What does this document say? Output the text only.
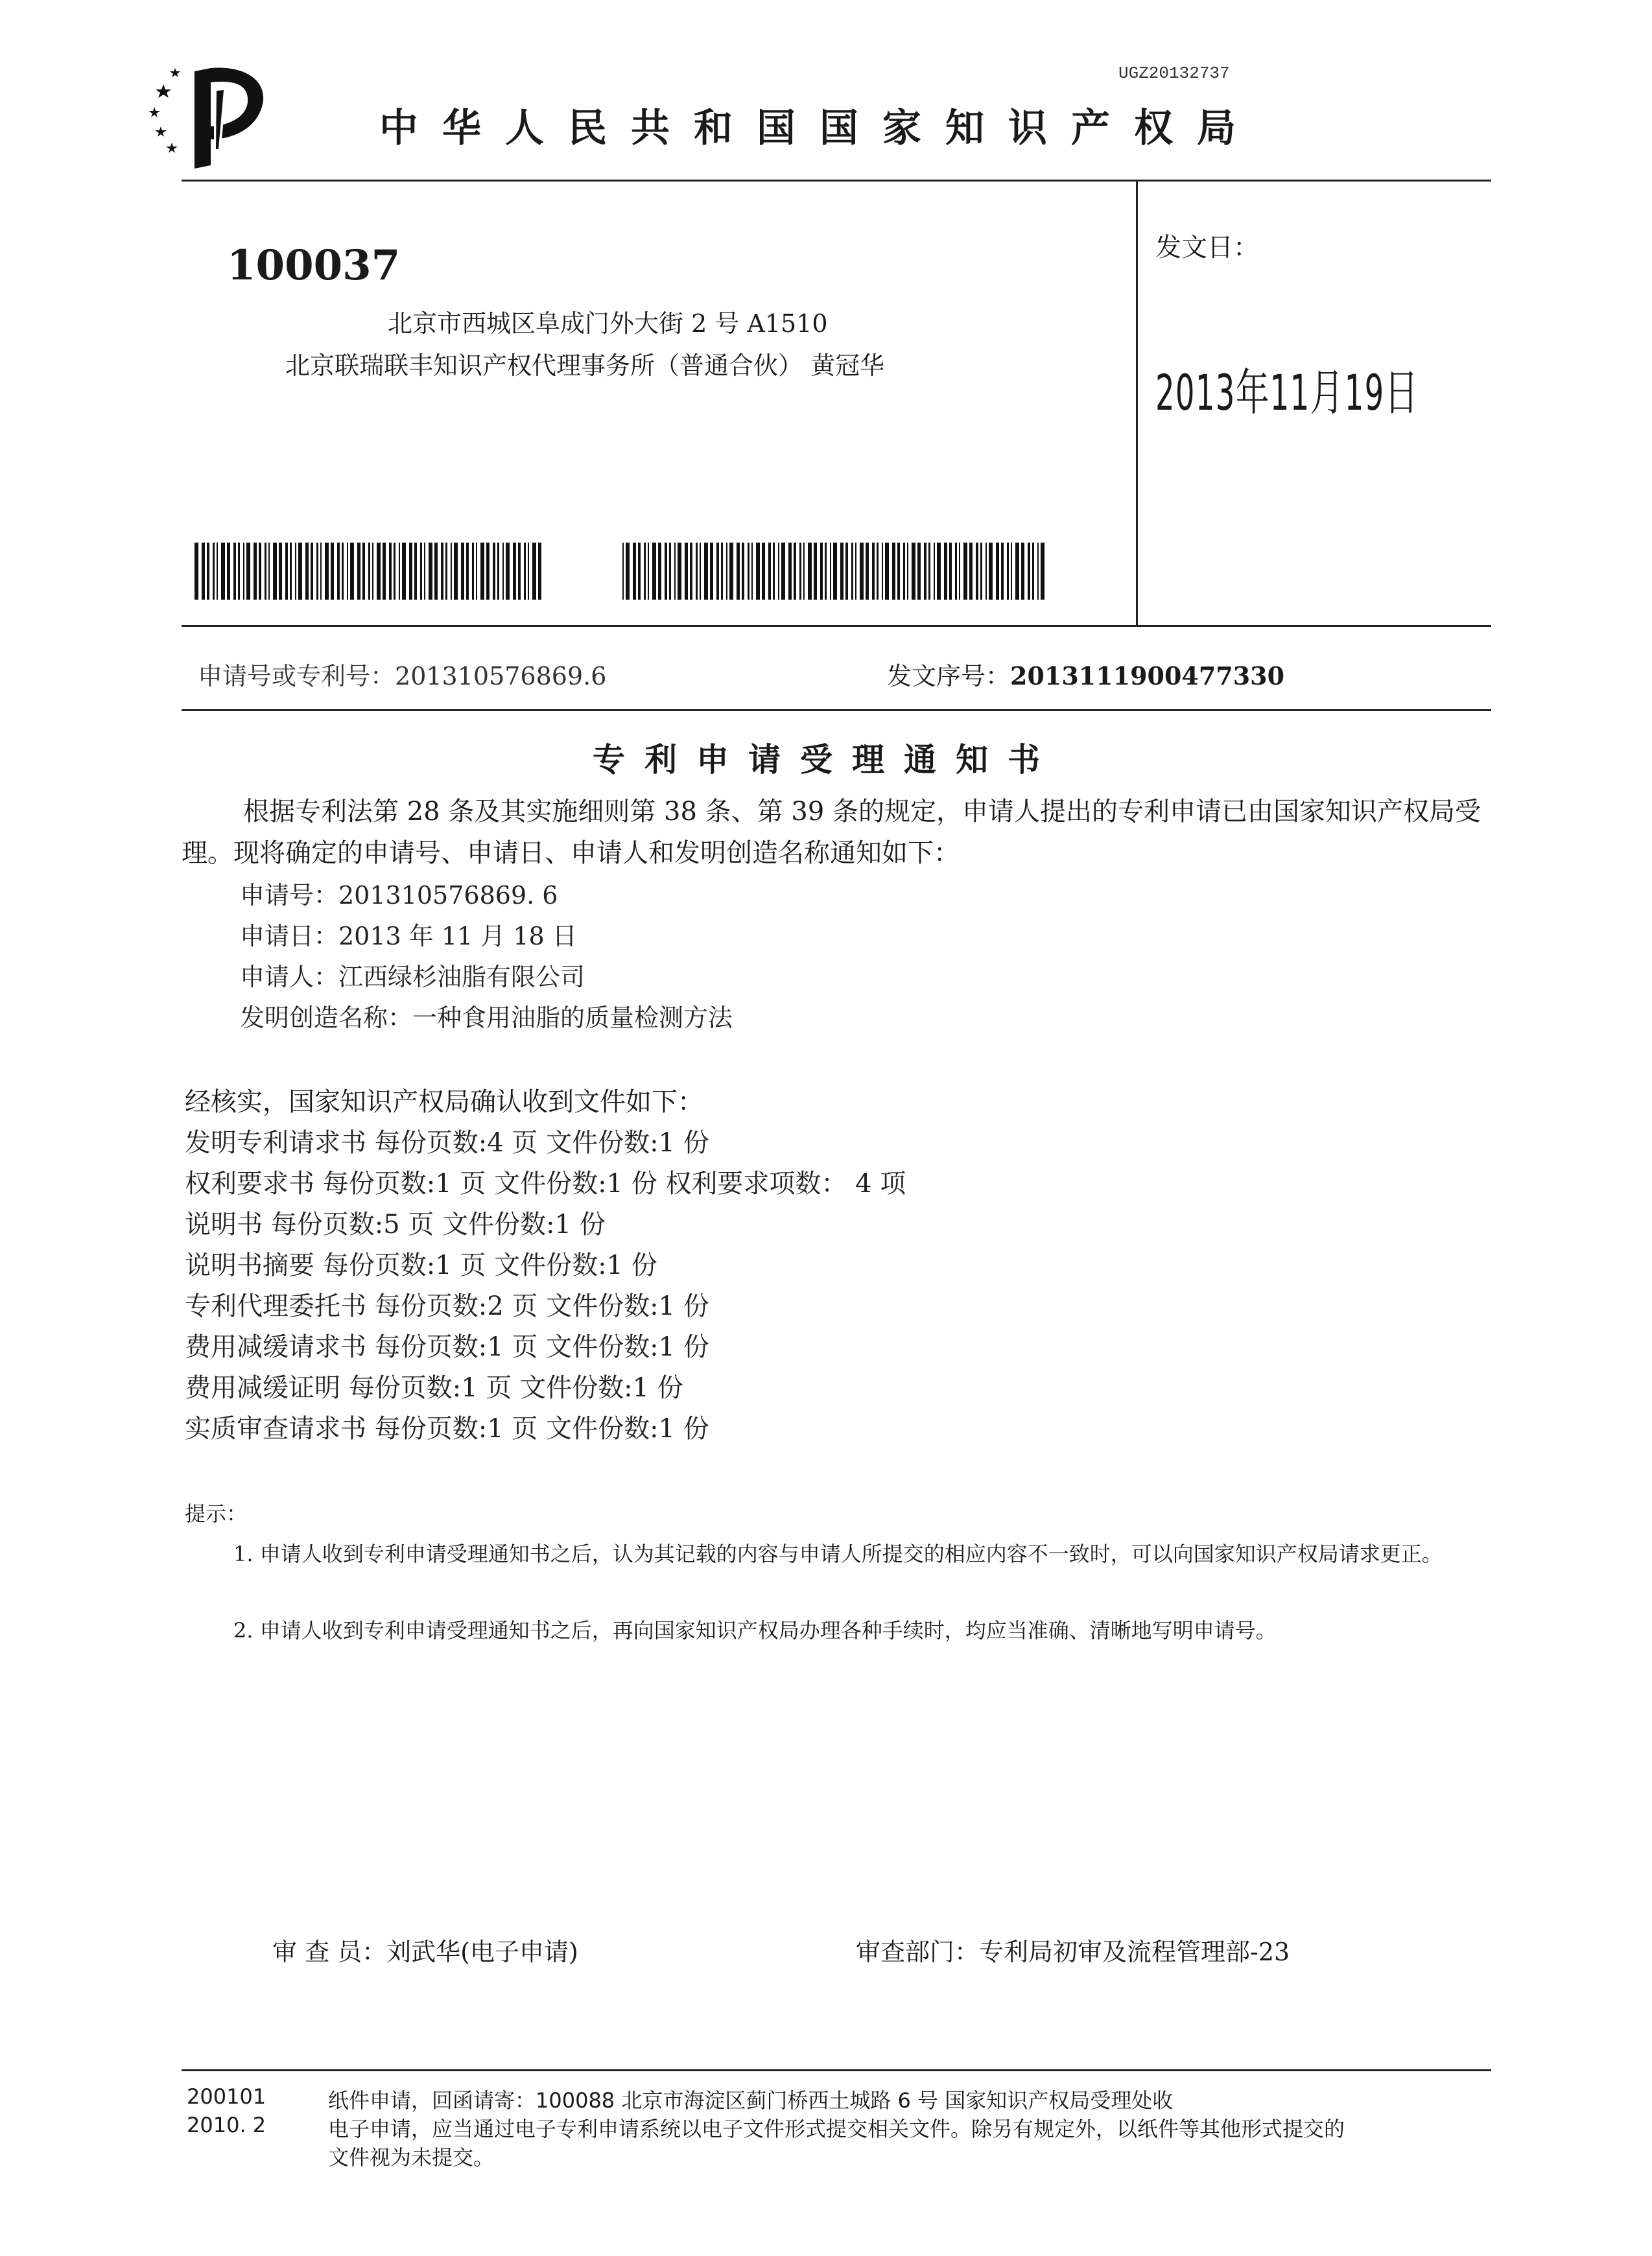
中华人民共和国国家知识产权局
UGZ20132737
100037
北京市西城区阜成门外大街 2 号 A1510
北京联瑞联丰知识产权代理事务所（普通合伙） 黄冠华
发文日：
2013年11月19日
申请号或专利号：201310576869.6	发文序号：2013111900477330
专利申请受理通知书
根据专利法第 28 条及其实施细则第 38 条、第 39 条的规定，申请人提出的专利申请已由国家知识产权局受理。现将确定的申请号、申请日、申请人和发明创造名称通知如下：
申请号：201310576869. 6
申请日：2013 年 11 月 18 日
申请人：江西绿杉油脂有限公司
发明创造名称：一种食用油脂的质量检测方法
经核实，国家知识产权局确认收到文件如下：
发明专利请求书 每份页数:4 页 文件份数:1 份
权利要求书 每份页数:1 页 文件份数:1 份 权利要求项数： 4 项
说明书 每份页数:5 页 文件份数:1 份
说明书摘要 每份页数:1 页 文件份数:1 份
专利代理委托书 每份页数:2 页 文件份数:1 份
费用减缓请求书 每份页数:1 页 文件份数:1 份
费用减缓证明 每份页数:1 页 文件份数:1 份
实质审查请求书 每份页数:1 页 文件份数:1 份
提示：
1. 申请人收到专利申请受理通知书之后，认为其记载的内容与申请人所提交的相应内容不一致时，可以向国家知识产权局请求更正。
2. 申请人收到专利申请受理通知书之后，再向国家知识产权局办理各种手续时，均应当准确、清晰地写明申请号。
审 查 员：刘武华(电子申请)	审查部门：专利局初审及流程管理部-23
200101
2010. 2
纸件申请，回函请寄：100088 北京市海淀区蓟门桥西土城路 6 号 国家知识产权局受理处收
电子申请，应当通过电子专利申请系统以电子文件形式提交相关文件。除另有规定外，以纸件等其他形式提交的
文件视为未提交。
